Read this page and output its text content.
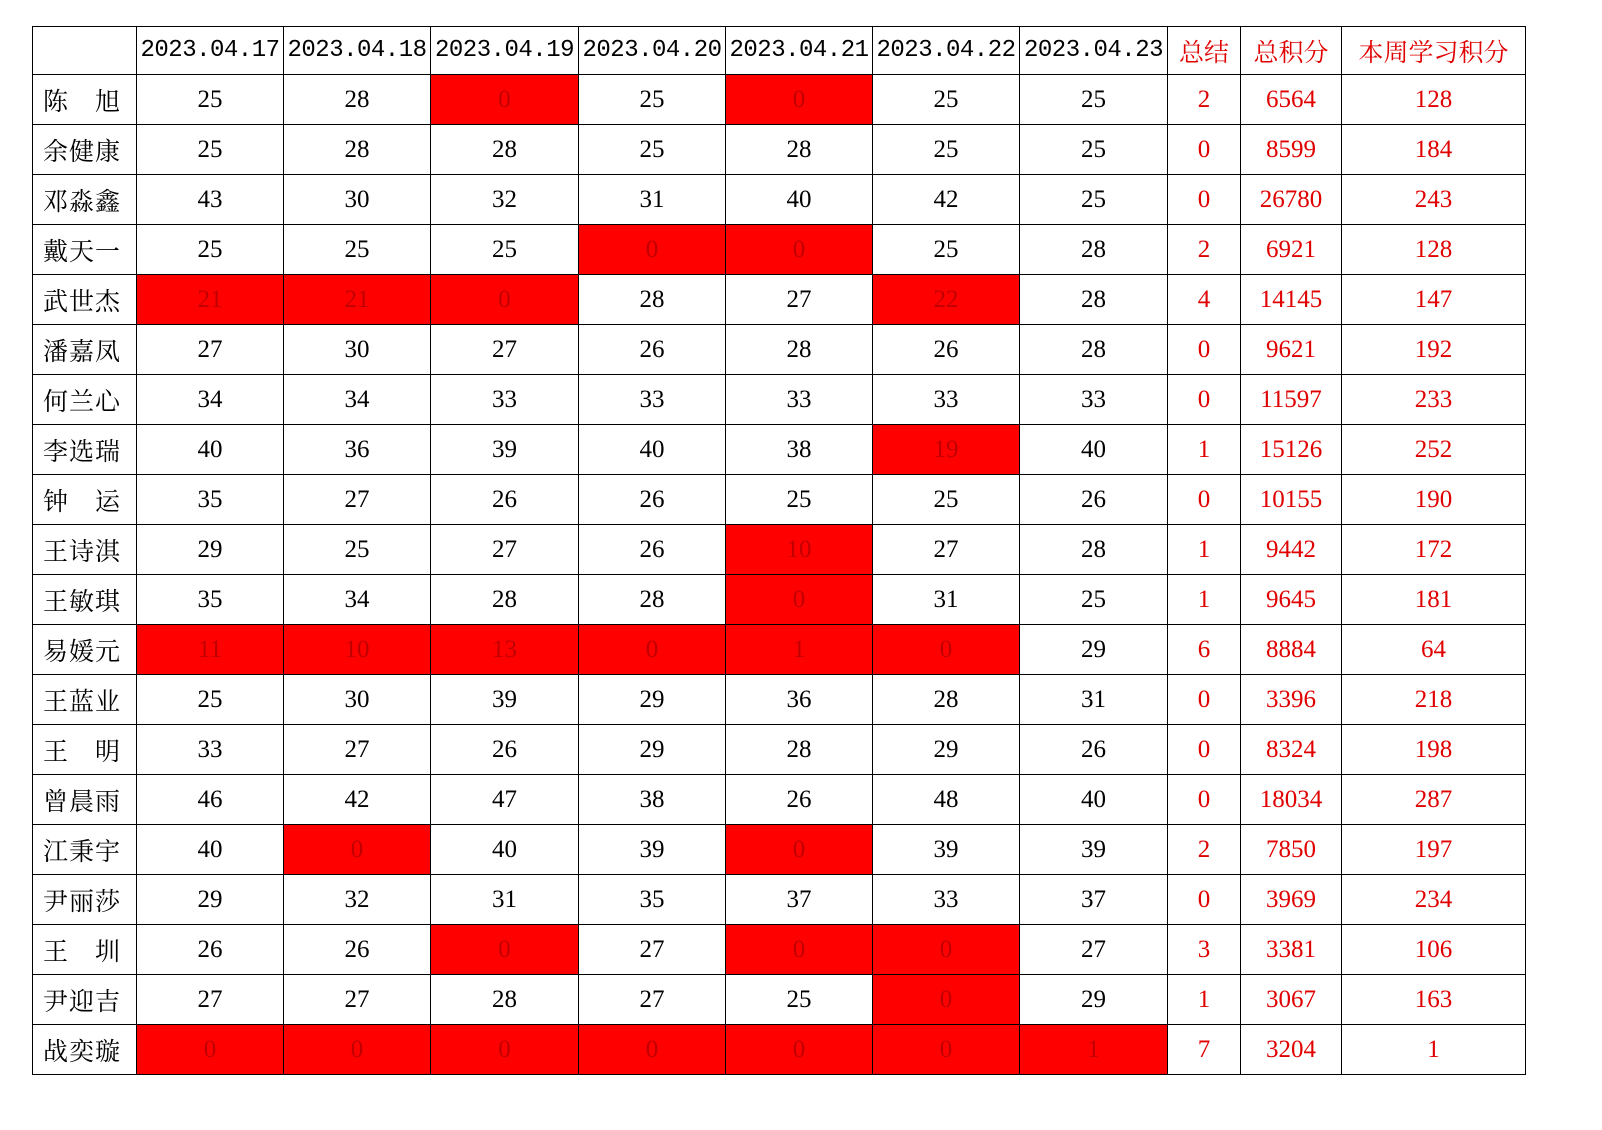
	2023.04.17	2023.04.18	2023.04.19	2023.04.20	2023.04.21	2023.04.22	2023.04.23	总结	总积分	本周学习积分
陈　旭	25	28	0	25	0	25	25	2	6564	128
余健康	25	28	28	25	28	25	25	0	8599	184
邓淼鑫	43	30	32	31	40	42	25	0	26780	243
戴天一	25	25	25	0	0	25	28	2	6921	128
武世杰	21	21	0	28	27	22	28	4	14145	147
潘嘉凤	27	30	27	26	28	26	28	0	9621	192
何兰心	34	34	33	33	33	33	33	0	11597	233
李选瑞	40	36	39	40	38	19	40	1	15126	252
钟　运	35	27	26	26	25	25	26	0	10155	190
王诗淇	29	25	27	26	10	27	28	1	9442	172
王敏琪	35	34	28	28	0	31	25	1	9645	181
易媛元	11	10	13	0	1	0	29	6	8884	64
王蓝业	25	30	39	29	36	28	31	0	3396	218
王　明	33	27	26	29	28	29	26	0	8324	198
曾晨雨	46	42	47	38	26	48	40	0	18034	287
江秉宇	40	0	40	39	0	39	39	2	7850	197
尹丽莎	29	32	31	35	37	33	37	0	3969	234
王　圳	26	26	0	27	0	0	27	3	3381	106
尹迎吉	27	27	28	27	25	0	29	1	3067	163
战奕璇	0	0	0	0	0	0	1	7	3204	1
